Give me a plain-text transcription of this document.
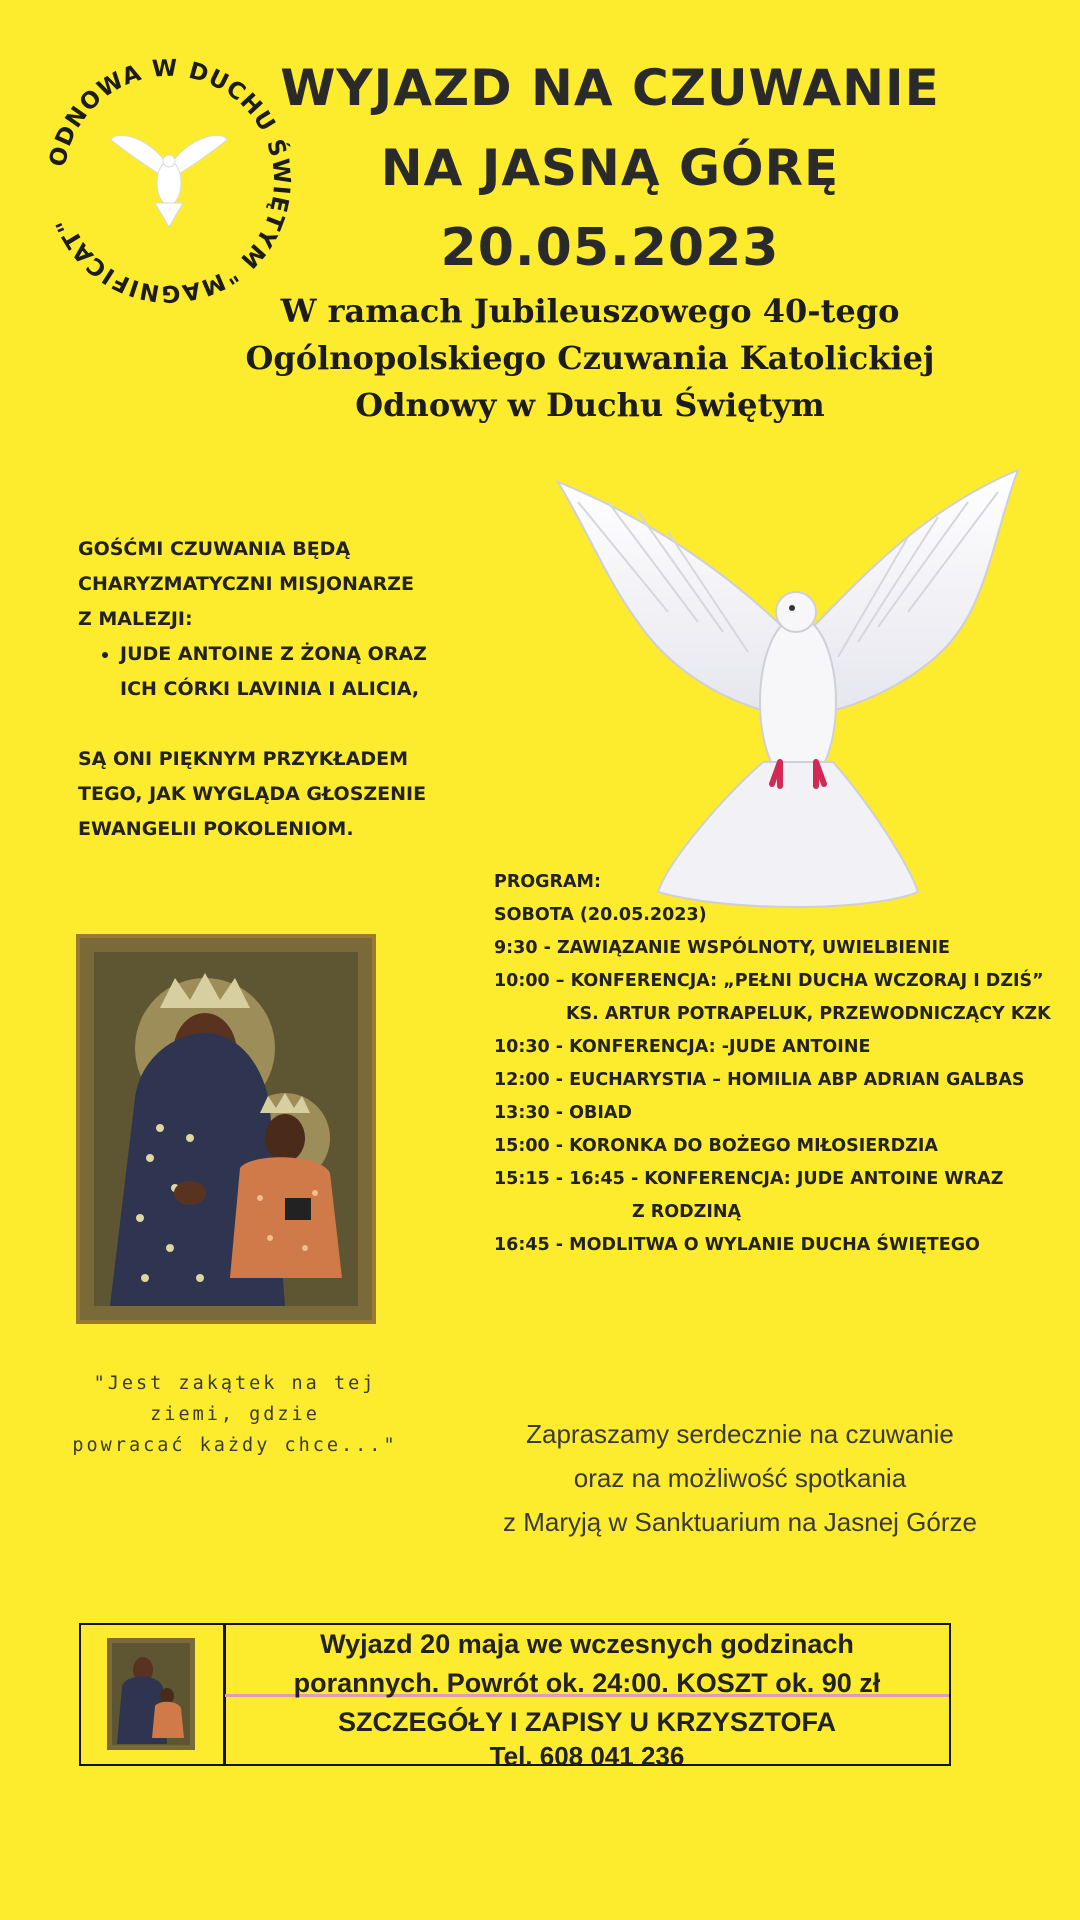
ODNOWA W DUCHU ŚWIĘTYM "MAGNIFICAT"
WYJAZD NA CZUWANIE
NA JASNĄ GÓRĘ
20.05.2023
W ramach Jubileuszowego 40-tego
Ogólnopolskiego Czuwania Katolickiej
Odnowy w Duchu Świętym

GOŚĆMI CZUWANIA BĘDĄ

CHARYZMATYCZNI MISJONARZE

Z MALEZJI:

• JUDE ANTOINE Z ŻONĄ ORAZ
ICH CÓRKI LAVINIA I ALICIA,

SĄ ONI PIĘKNYM PRZYKŁADEM

TEGO, JAK WYGLĄDA GŁOSZENIE

EWANGELII POKOLENIOM.

PROGRAM:
SOBOTA (20.05.2023)
9:30 - ZAWIĄZANIE WSPÓLNOTY, UWIELBIENIE
10:00 – KONFERENCJA: „PEŁNI DUCHA WCZORAJ I DZIŚ”
KS. ARTUR POTRAPELUK, PRZEWODNICZĄCY KZK
10:30 - KONFERENCJA: -JUDE ANTOINE
12:00 - EUCHARYSTIA – HOMILIA ABP ADRIAN GALBAS
13:30 - OBIAD
15:00 - KORONKA DO BOŻEGO MIŁOSIERDZIA
15:15 - 16:45 - KONFERENCJA: JUDE ANTOINE WRAZ
Z RODZINĄ
16:45 - MODLITWA O WYLANIE DUCHA ŚWIĘTEGO
"Jest zakątek na tej
ziemi, gdzie
powracać każdy chce..."	Zapraszamy serdecznie na czuwanie
oraz na możliwość spotkania
z Maryją w Sanktuarium na Jasnej Górze
Wyjazd 20 maja we wczesnych godzinach
porannych. Powrót ok. 24:00. KOSZT ok. 90 zł
SZCZEGÓŁY I ZAPISY U KRZYSZTOFA
Tel. 608 041 236
